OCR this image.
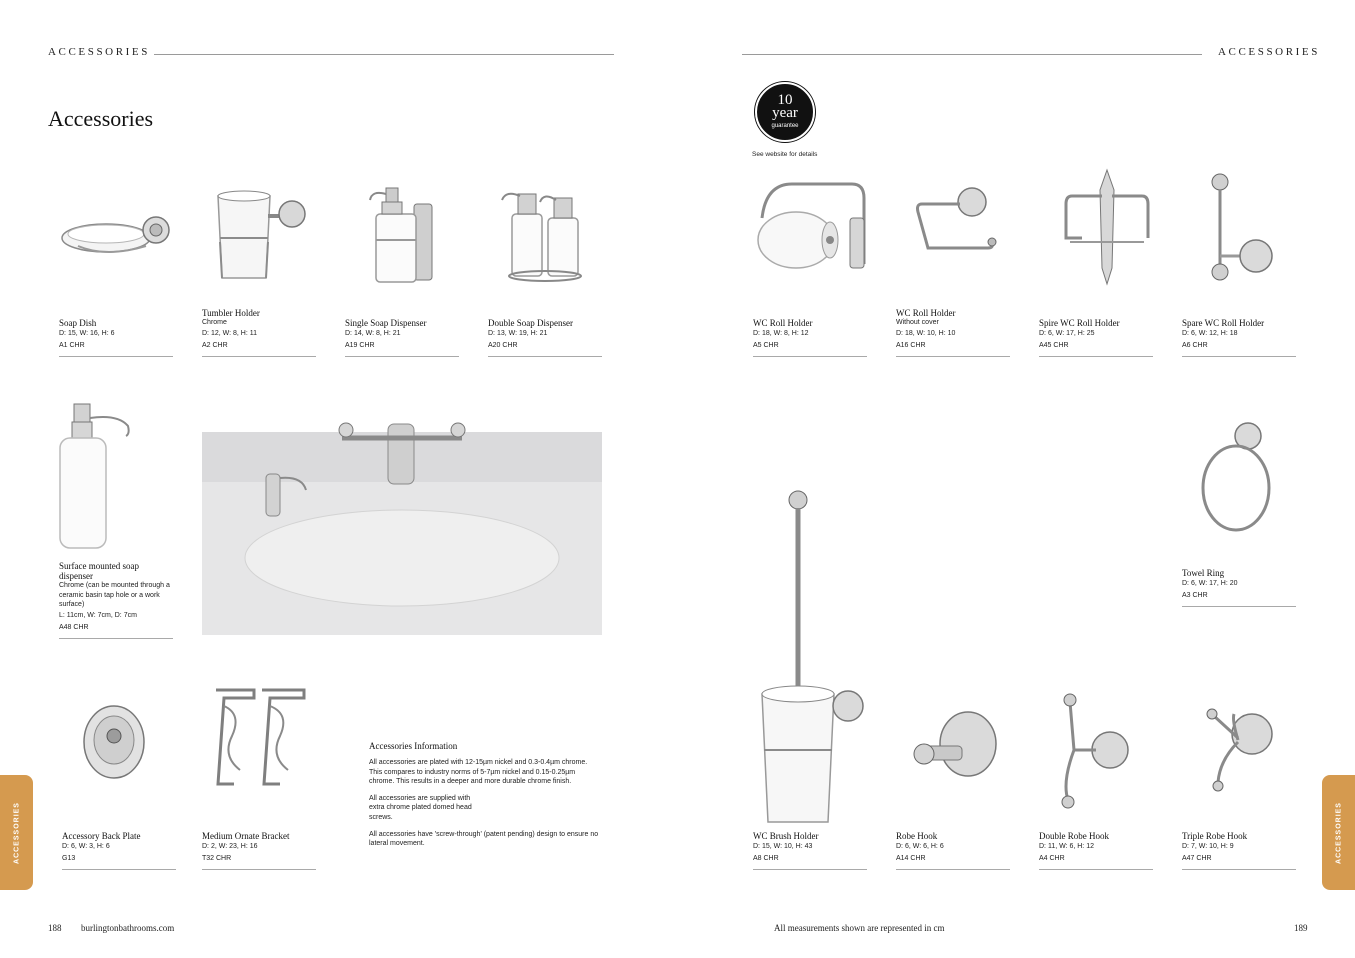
ACCESSORIES	ACCESSORIES
Accessories
10
year
guarantee
See website for details
Soap Dish
D: 15, W: 16, H: 6
A1 CHR
Tumbler Holder
Chrome
D: 12, W: 8, H: 11
A2 CHR
Single Soap Dispenser
D: 14, W: 8, H: 21
A19 CHR
Double Soap Dispenser
D: 13, W: 19, H: 21
A20 CHR
WC Roll Holder
D: 18, W: 8, H: 12
A5 CHR
WC Roll Holder
Without cover
D: 18, W: 10, H: 10
A16 CHR
Spire WC Roll Holder
D: 6, W: 17, H: 25
A45 CHR
Spare WC Roll Holder
D: 6, W: 12, H: 18
A6 CHR
Surface mounted soap dispenser
Chrome (can be mounted through a ceramic basin tap hole or a work surface)
L: 11cm, W: 7cm, D: 7cm
A48 CHR
Towel Ring
D: 6, W: 17, H: 20
A3 CHR
Accessory Back Plate
D: 6, W: 3, H: 6
G13
Medium Ornate Bracket
D: 2, W: 23, H: 16
T32 CHR
WC Brush Holder
D: 15, W: 10, H: 43
A8 CHR
Robe Hook
D: 6, W: 6, H: 6
A14 CHR
Double Robe Hook
D: 11, W: 6, H: 12
A4 CHR
Triple Robe Hook
D: 7, W: 10, H: 9
A47 CHR
Accessories Information

All accessories are plated with 12-15µm nickel and 0.3-0.4µm chrome. This compares to industry norms of 5-7µm nickel and 0.15-0.25µm chrome. This results in a deeper and more durable chrome finish.

All accessories are supplied with extra chrome plated domed head screws.

All accessories have 'screw-through' (patent pending) design to ensure no lateral movement.

ACCESSORIES	ACCESSORIES
188 burlingtonbathrooms.com	All measurements shown are represented in cm	189
